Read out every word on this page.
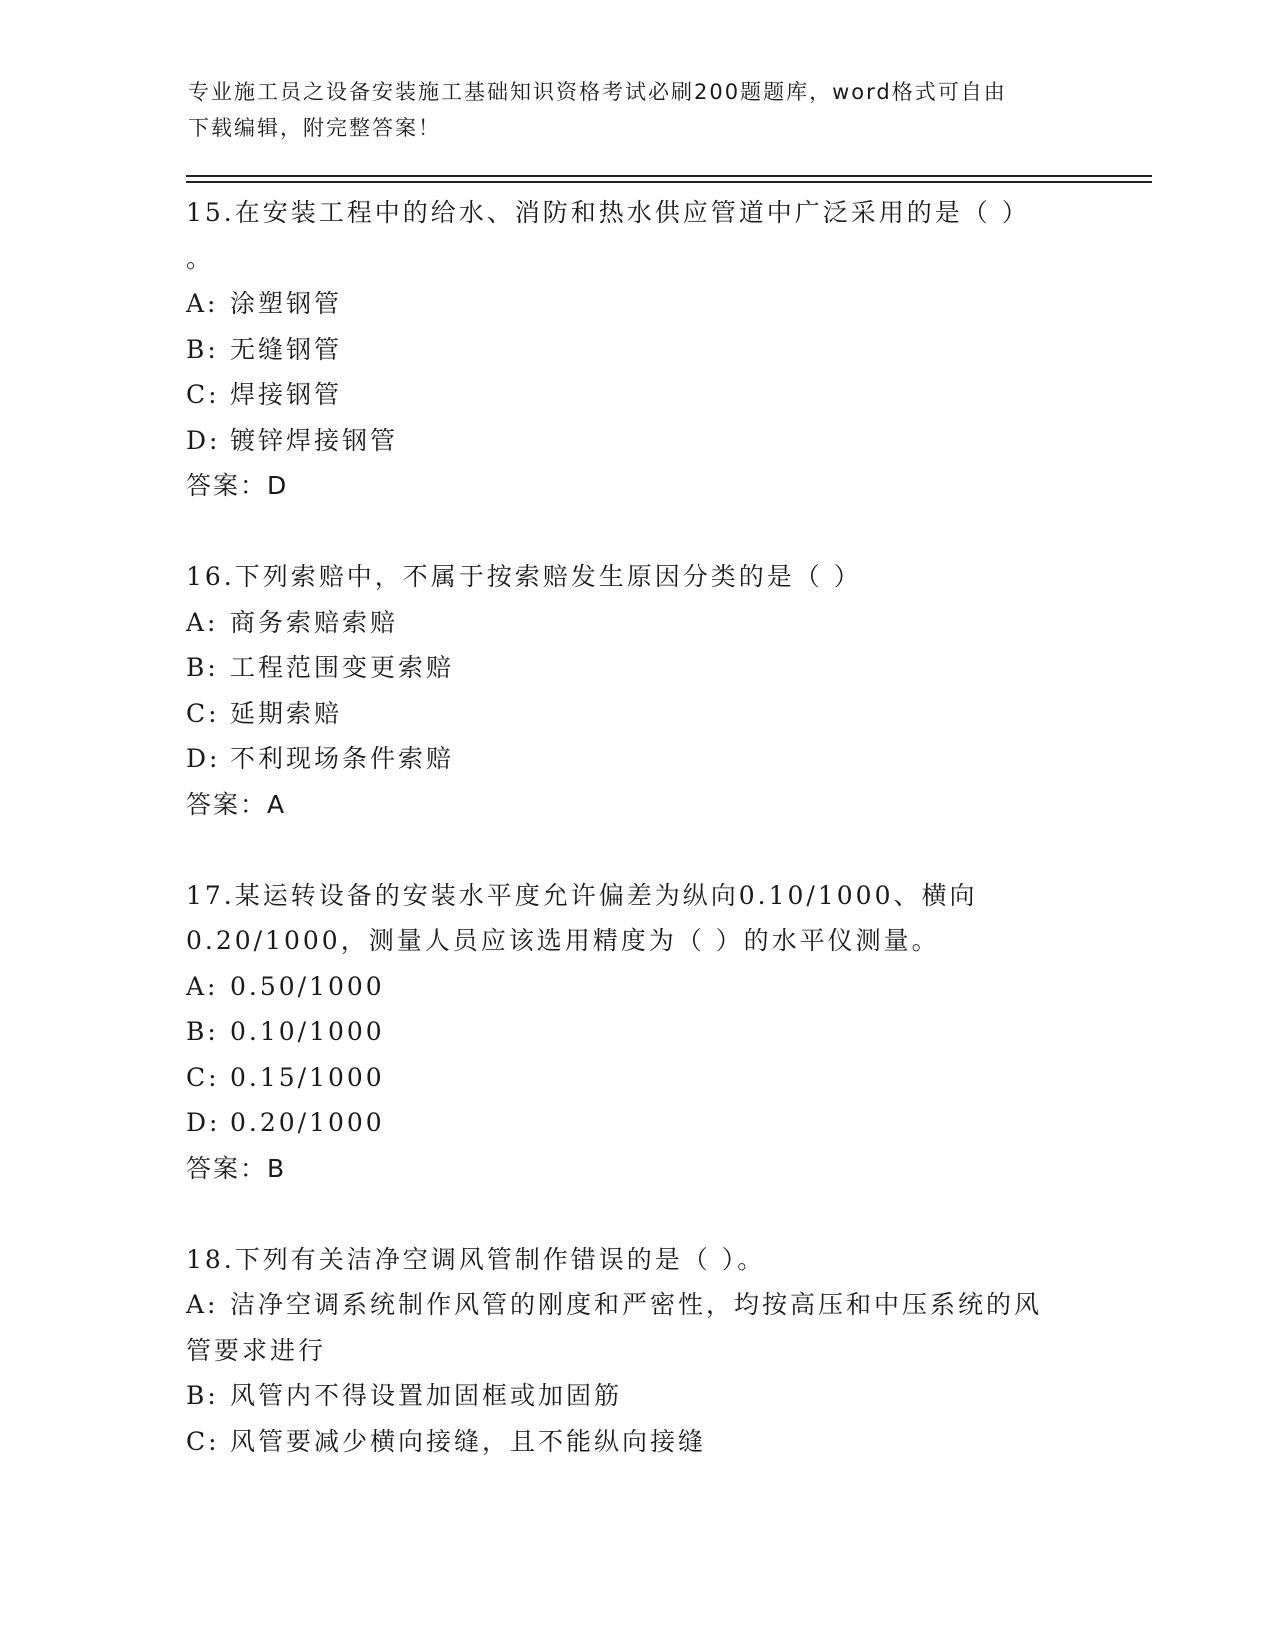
专业施工员之设备安装施工基础知识资格考试必刷200题题库，word格式可自由
下载编辑，附完整答案！
15.在安装工程中的给水、消防和热水供应管道中广泛采用的是（ ）
。
A: 涂塑钢管
B: 无缝钢管
C: 焊接钢管
D: 镀锌焊接钢管
答案：D
16.下列索赔中，不属于按索赔发生原因分类的是（ ）
A: 商务索赔索赔
B: 工程范围变更索赔
C: 延期索赔
D: 不利现场条件索赔
答案：A
17.某运转设备的安装水平度允许偏差为纵向0.10/1000、横向
0.20/1000，测量人员应该选用精度为（ ）的水平仪测量。
A: 0.50/1000
B: 0.10/1000
C: 0.15/1000
D: 0.20/1000
答案：B
18.下列有关洁净空调风管制作错误的是（ ）。
A: 洁净空调系统制作风管的刚度和严密性，均按高压和中压系统的风
管要求进行
B: 风管内不得设置加固框或加固筋
C: 风管要减少横向接缝，且不能纵向接缝
